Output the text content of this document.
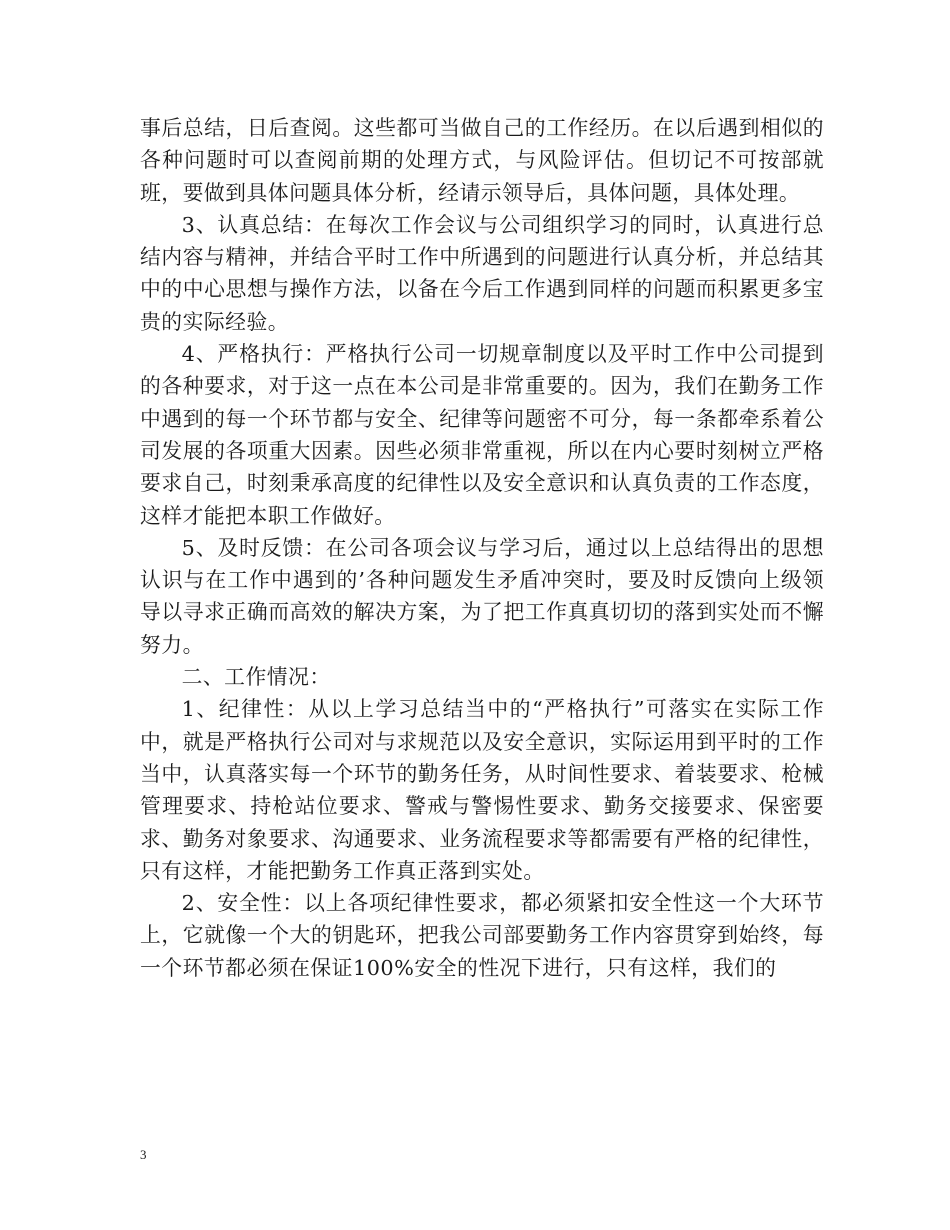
事后总结，日后查阅。这些都可当做自己的工作经历。在以后遇到相似的各种问题时可以查阅前期的处理方式，与风险评估。但切记不可按部就班，要做到具体问题具体分析，经请示领导后，具体问题，具体处理。

3、认真总结：在每次工作会议与公司组织学习的同时，认真进行总结内容与精神，并结合平时工作中所遇到的问题进行认真分析，并总结其中的中心思想与操作方法，以备在今后工作遇到同样的问题而积累更多宝贵的实际经验。

4、严格执行：严格执行公司一切规章制度以及平时工作中公司提到的各种要求，对于这一点在本公司是非常重要的。因为，我们在勤务工作中遇到的每一个环节都与安全、纪律等问题密不可分，每一条都牵系着公司发展的各项重大因素。因些必须非常重视，所以在内心要时刻树立严格要求自己，时刻秉承高度的纪律性以及安全意识和认真负责的工作态度，这样才能把本职工作做好。

5、及时反馈：在公司各项会议与学习后，通过以上总结得出的思想认识与在工作中遇到的’各种问题发生矛盾冲突时，要及时反馈向上级领导以寻求正确而高效的解决方案，为了把工作真真切切的落到实处而不懈努力。

二、工作情况：

1、纪律性：从以上学习总结当中的“严格执行”可落实在实际工作中，就是严格执行公司对与求规范以及安全意识，实际运用到平时的工作当中，认真落实每一个环节的勤务任务，从时间性要求、着装要求、枪械管理要求、持枪站位要求、警戒与警惕性要求、勤务交接要求、保密要求、勤务对象要求、沟通要求、业务流程要求等都需要有严格的纪律性，只有这样，才能把勤务工作真正落到实处。

2、安全性：以上各项纪律性要求，都必须紧扣安全性这一个大环节上，它就像一个大的钥匙环，把我公司部要勤务工作内容贯穿到始终，每一个环节都必须在保证100%安全的性况下进行，只有这样，我们的

3
